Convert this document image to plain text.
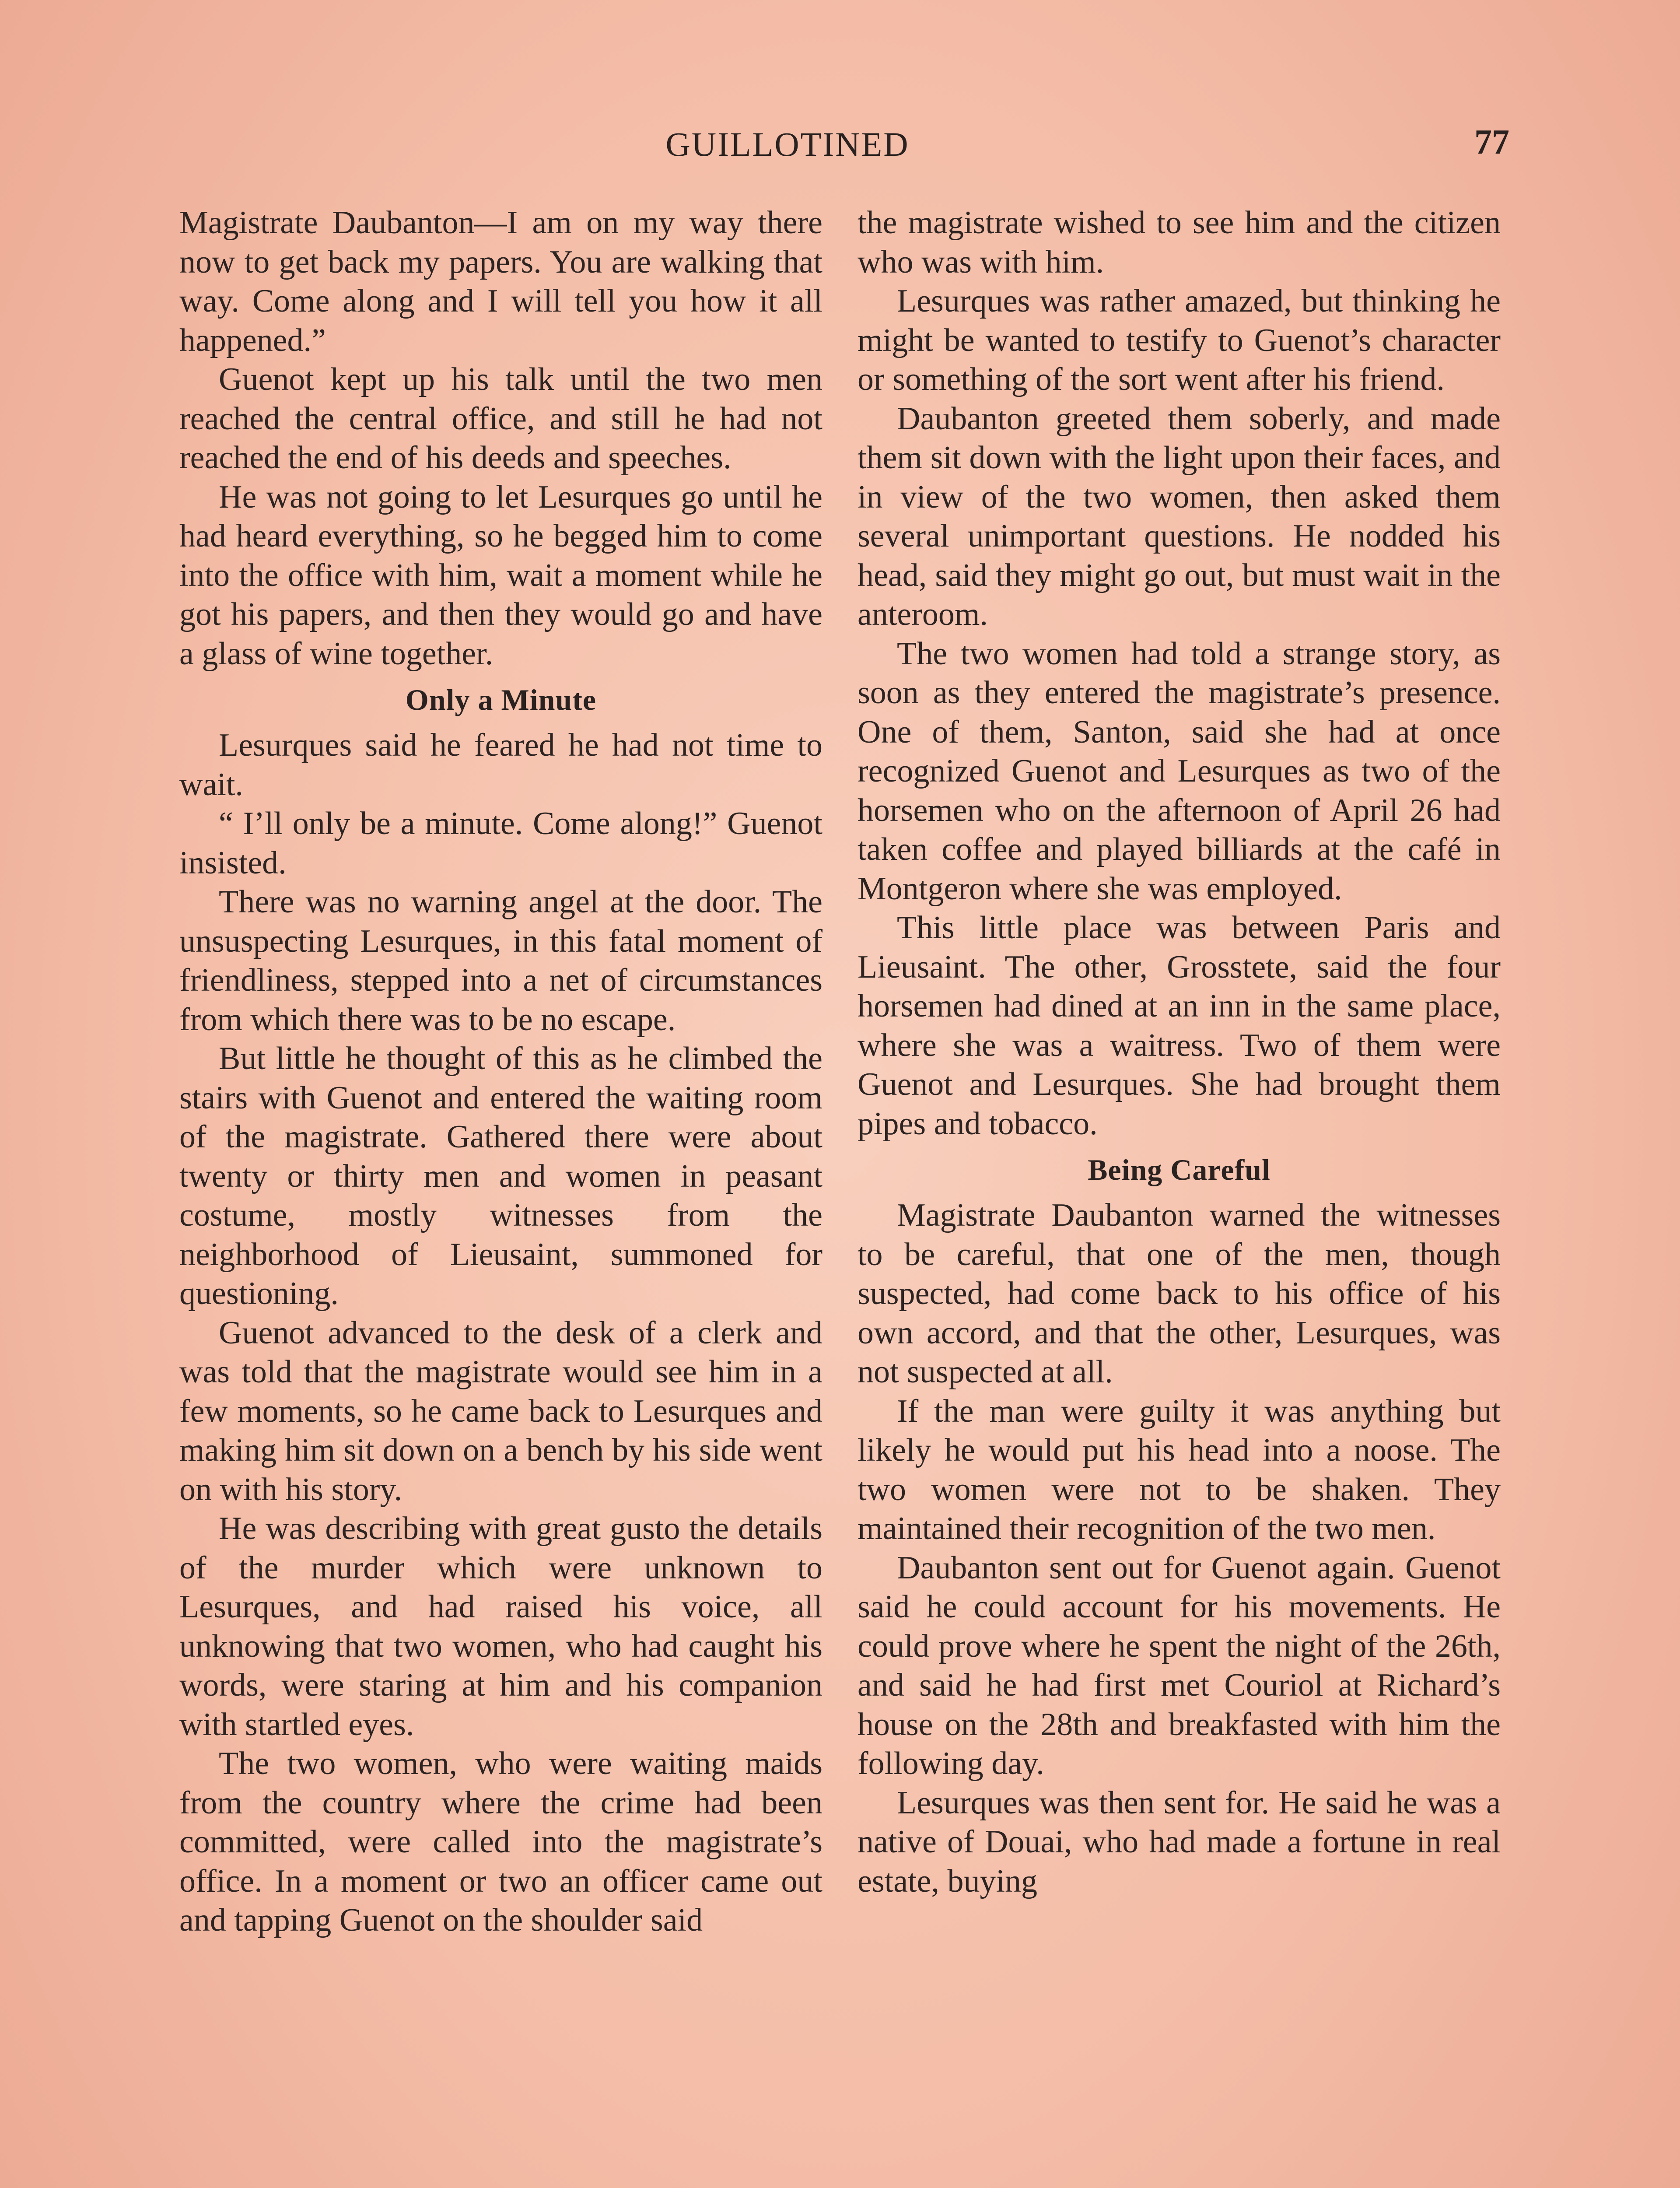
GUILLOTINED	77

Magistrate Daubanton—I am on my way there now to get back my papers. You are walking that way. Come along and I will tell you how it all happened.”

Guenot kept up his talk until the two men reached the central office, and still he had not reached the end of his deeds and speeches.

He was not going to let Lesurques go until he had heard everything, so he begged him to come into the office with him, wait a moment while he got his papers, and then they would go and have a glass of wine together.

Only a Minute

Lesurques said he feared he had not time to wait.

“ I’ll only be a minute. Come along!” Guenot insisted.

There was no warning angel at the door. The unsuspecting Lesurques, in this fatal moment of friendliness, stepped into a net of circumstances from which there was to be no escape.

But little he thought of this as he climbed the stairs with Guenot and entered the waiting room of the magistrate. Gathered there were about twenty or thirty men and women in peasant costume, mostly witnesses from the neighborhood of Lieusaint, summoned for questioning.

Guenot advanced to the desk of a clerk and was told that the magistrate would see him in a few moments, so he came back to Lesurques and making him sit down on a bench by his side went on with his story.

He was describing with great gusto the details of the murder which were unknown to Lesurques, and had raised his voice, all unknowing that two women, who had caught his words, were staring at him and his companion with startled eyes.

The two women, who were waiting maids from the country where the crime had been committed, were called into the magistrate’s office. In a moment or two an officer came out and tapping Guenot on the shoulder said

the magistrate wished to see him and the citizen who was with him.

Lesurques was rather amazed, but thinking he might be wanted to testify to Guenot’s character or something of the sort went after his friend.

Daubanton greeted them soberly, and made them sit down with the light upon their faces, and in view of the two women, then asked them several unimportant questions. He nodded his head, said they might go out, but must wait in the anteroom.

The two women had told a strange story, as soon as they entered the magistrate’s presence. One of them, Santon, said she had at once recognized Guenot and Lesurques as two of the horsemen who on the afternoon of April 26 had taken coffee and played billiards at the café in Montgeron where she was employed.

This little place was between Paris and Lieusaint. The other, Grosstete, said the four horsemen had dined at an inn in the same place, where she was a waitress. Two of them were Guenot and Lesurques. She had brought them pipes and tobacco.

Being Careful

Magistrate Daubanton warned the witnesses to be careful, that one of the men, though suspected, had come back to his office of his own accord, and that the other, Lesurques, was not suspected at all.

If the man were guilty it was anything but likely he would put his head into a noose. The two women were not to be shaken. They maintained their recognition of the two men.

Daubanton sent out for Guenot again. Guenot said he could account for his movements. He could prove where he spent the night of the 26th, and said he had first met Couriol at Richard’s house on the 28th and breakfasted with him the following day.

Lesurques was then sent for. He said he was a native of Douai, who had made a fortune in real estate, buying
